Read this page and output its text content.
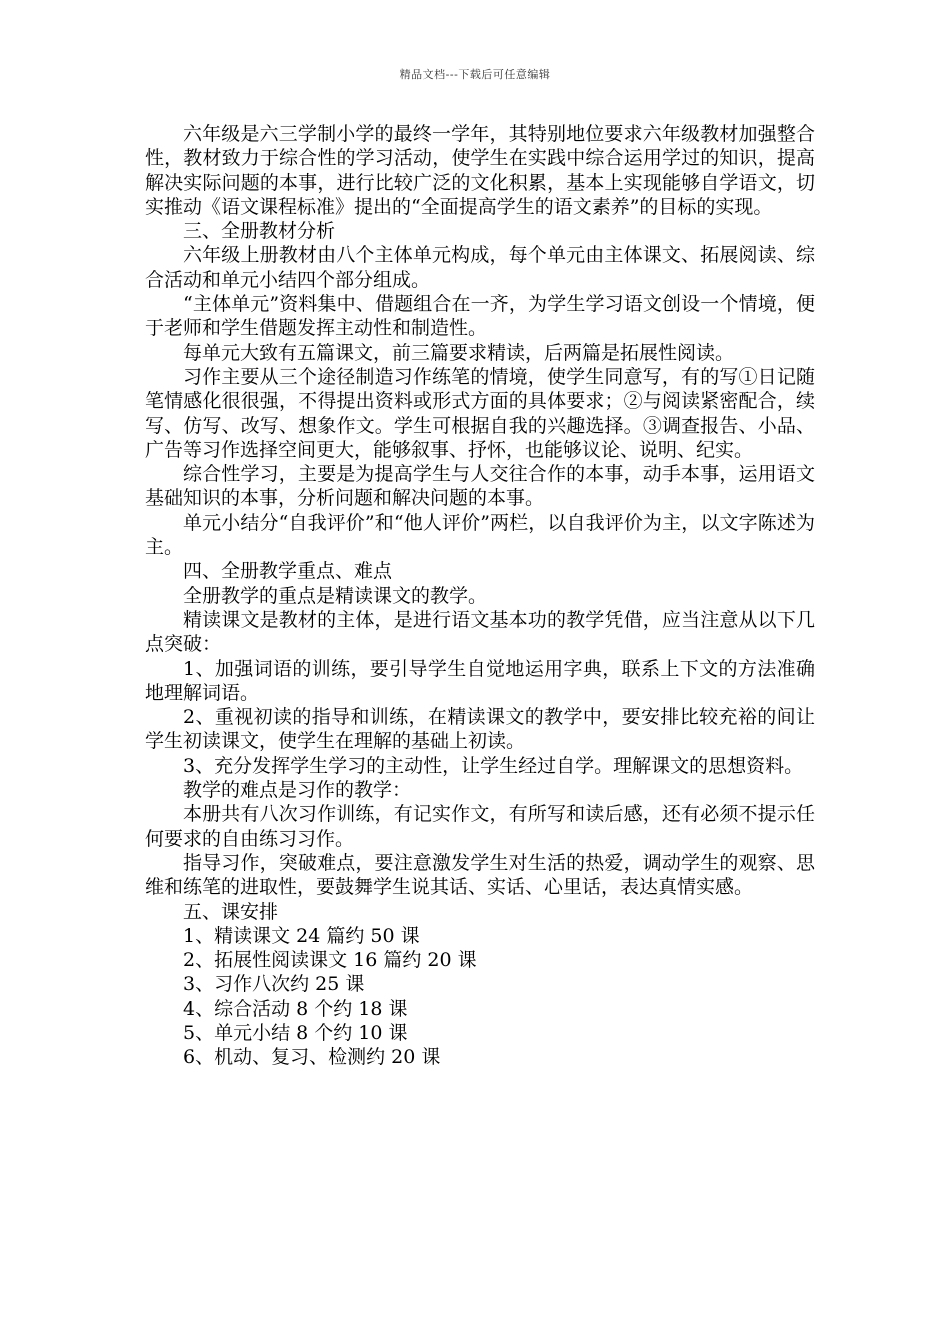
精品文档---下载后可任意编辑

六年级是六三学制小学的最终一学年，其特别地位要求六年级教材加强整合性，教材致力于综合性的学习活动，使学生在实践中综合运用学过的知识，提高解决实际问题的本事，进行比较广泛的文化积累，基本上实现能够自学语文，切实推动《语文课程标准》提出的“全面提高学生的语文素养”的目标的实现。

三、全册教材分析

六年级上册教材由八个主体单元构成，每个单元由主体课文、拓展阅读、综合活动和单元小结四个部分组成。

“主体单元”资料集中、借题组合在一齐，为学生学习语文创设一个情境，便于老师和学生借题发挥主动性和制造性。

每单元大致有五篇课文，前三篇要求精读，后两篇是拓展性阅读。

习作主要从三个途径制造习作练笔的情境，使学生同意写，有的写①日记随笔情感化很很强，不得提出资料或形式方面的具体要求；②与阅读紧密配合，续写、仿写、改写、想象作文。学生可根据自我的兴趣选择。③调查报告、小品、广告等习作选择空间更大，能够叙事、抒怀，也能够议论、说明、纪实。

综合性学习，主要是为提高学生与人交往合作的本事，动手本事，运用语文基础知识的本事，分析问题和解决问题的本事。

单元小结分“自我评价”和“他人评价”两栏，以自我评价为主，以文字陈述为主。

四、全册教学重点、难点

全册教学的重点是精读课文的教学。

精读课文是教材的主体，是进行语文基本功的教学凭借，应当注意从以下几点突破：

1、加强词语的训练，要引导学生自觉地运用字典，联系上下文的方法准确地理解词语。

2、重视初读的指导和训练，在精读课文的教学中，要安排比较充裕的间让学生初读课文，使学生在理解的基础上初读。

3、充分发挥学生学习的主动性，让学生经过自学。理解课文的思想资料。

教学的难点是习作的教学：

本册共有八次习作训练，有记实作文，有所写和读后感，还有必须不提示任何要求的自由练习习作。

指导习作，突破难点，要注意激发学生对生活的热爱，调动学生的观察、思维和练笔的进取性，要鼓舞学生说其话、实话、心里话，表达真情实感。

五、课安排

1、精读课文 24 篇约 50 课

2、拓展性阅读课文 16 篇约 20 课

3、习作八次约 25 课

4、综合活动 8 个约 18 课

5、单元小结 8 个约 10 课

6、机动、复习、检测约 20 课
